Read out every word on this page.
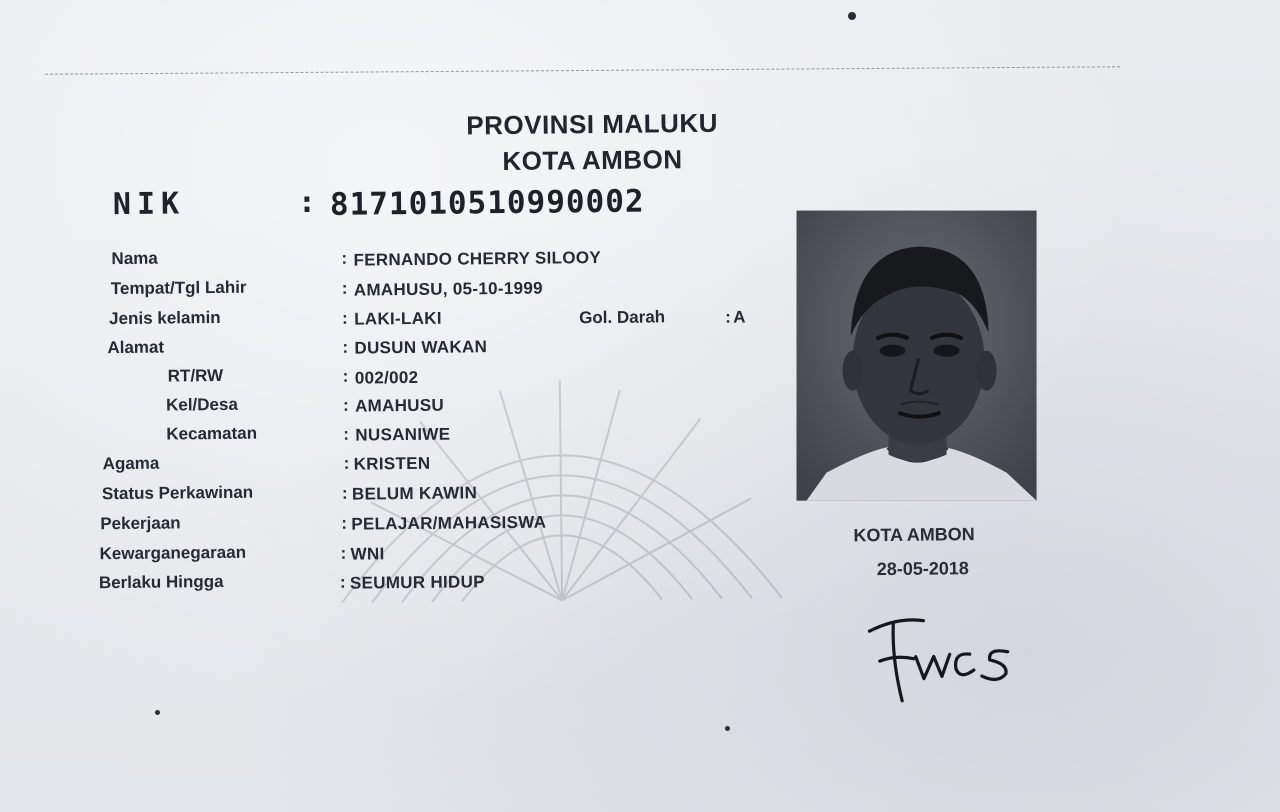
PROVINSI MALUKU
KOTA AMBON
NIK	: 8171010510990002
Nama	: FERNANDO CHERRY SILOOY
Tempat/Tgl Lahir	: AMAHUSU, 05-10-1999
Jenis kelamin	: LAKI-LAKI	Gol. Darah	: A
Alamat	: DUSUN WAKAN
RT/RW	: 002/002
Kel/Desa	: AMAHUSU
Kecamatan	: NUSANIWE
Agama	: KRISTEN
Status Perkawinan	: BELUM KAWIN
Pekerjaan	: PELAJAR/MAHASISWA
Kewarganegaraan	: WNI
Berlaku Hingga	: SEUMUR HIDUP
KOTA AMBON
28-05-2018
